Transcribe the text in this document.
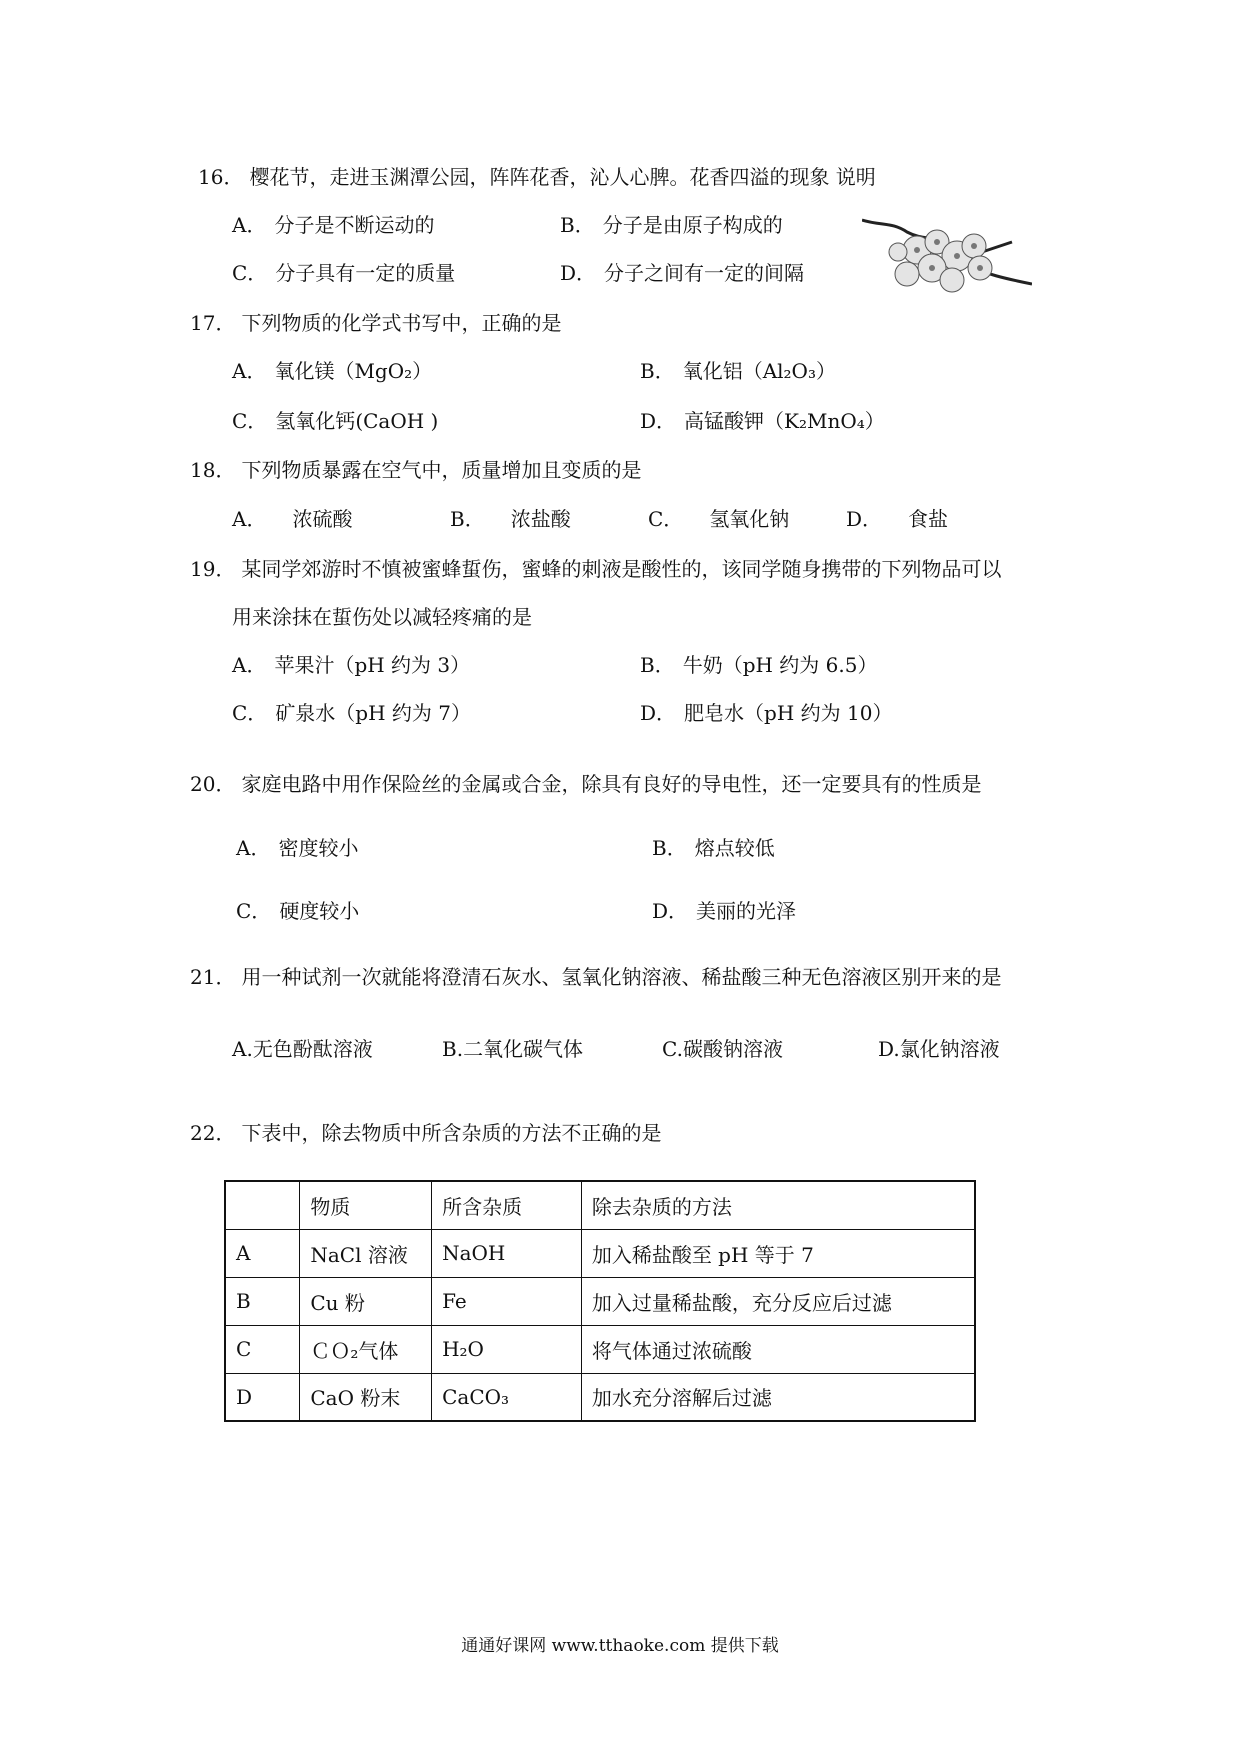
16． 樱花节，走进玉渊潭公园，阵阵花香，沁人心脾。花香四溢的现象 说明
A． 分子是不断运动的	B． 分子是由原子构成的
C． 分子具有一定的质量	D． 分子之间有一定的间隔
17． 下列物质的化学式书写中，正确的是
A． 氧化镁（MgO₂）	B． 氧化铝（Al₂O₃）
C． 氢氧化钙(CaOH )	D． 高锰酸钾（K₂MnO₄）
18． 下列物质暴露在空气中，质量增加且变质的是
A． 浓硫酸	B． 浓盐酸	C． 氢氧化钠	D． 食盐
19． 某同学郊游时不慎被蜜蜂蜇伤，蜜蜂的刺液是酸性的，该同学随身携带的下列物品可以
用来涂抹在蜇伤处以减轻疼痛的是
A． 苹果汁（pH 约为 3）	B． 牛奶（pH 约为 6.5）
C． 矿泉水（pH 约为 7）	D． 肥皂水（pH 约为 10）
20． 家庭电路中用作保险丝的金属或合金，除具有良好的导电性，还一定要具有的性质是
A． 密度较小	B． 熔点较低
C． 硬度较小	D． 美丽的光泽
21． 用一种试剂一次就能将澄清石灰水、氢氧化钠溶液、稀盐酸三种无色溶液区别开来的是
A.无色酚酞溶液	B.二氧化碳气体	C.碳酸钠溶液	D.氯化钠溶液
22． 下表中，除去物质中所含杂质的方法不正确的是
	物质	所含杂质	除去杂质的方法
A	NaCl 溶液	NaOH	加入稀盐酸至 pH 等于 7
B	Cu 粉	Fe	加入过量稀盐酸，充分反应后过滤
C	ＣＯ₂气体	H₂O	将气体通过浓硫酸
D	CaO 粉末	CaCO₃	加水充分溶解后过滤
通通好课网 www.tthaoke.com 提供下载
